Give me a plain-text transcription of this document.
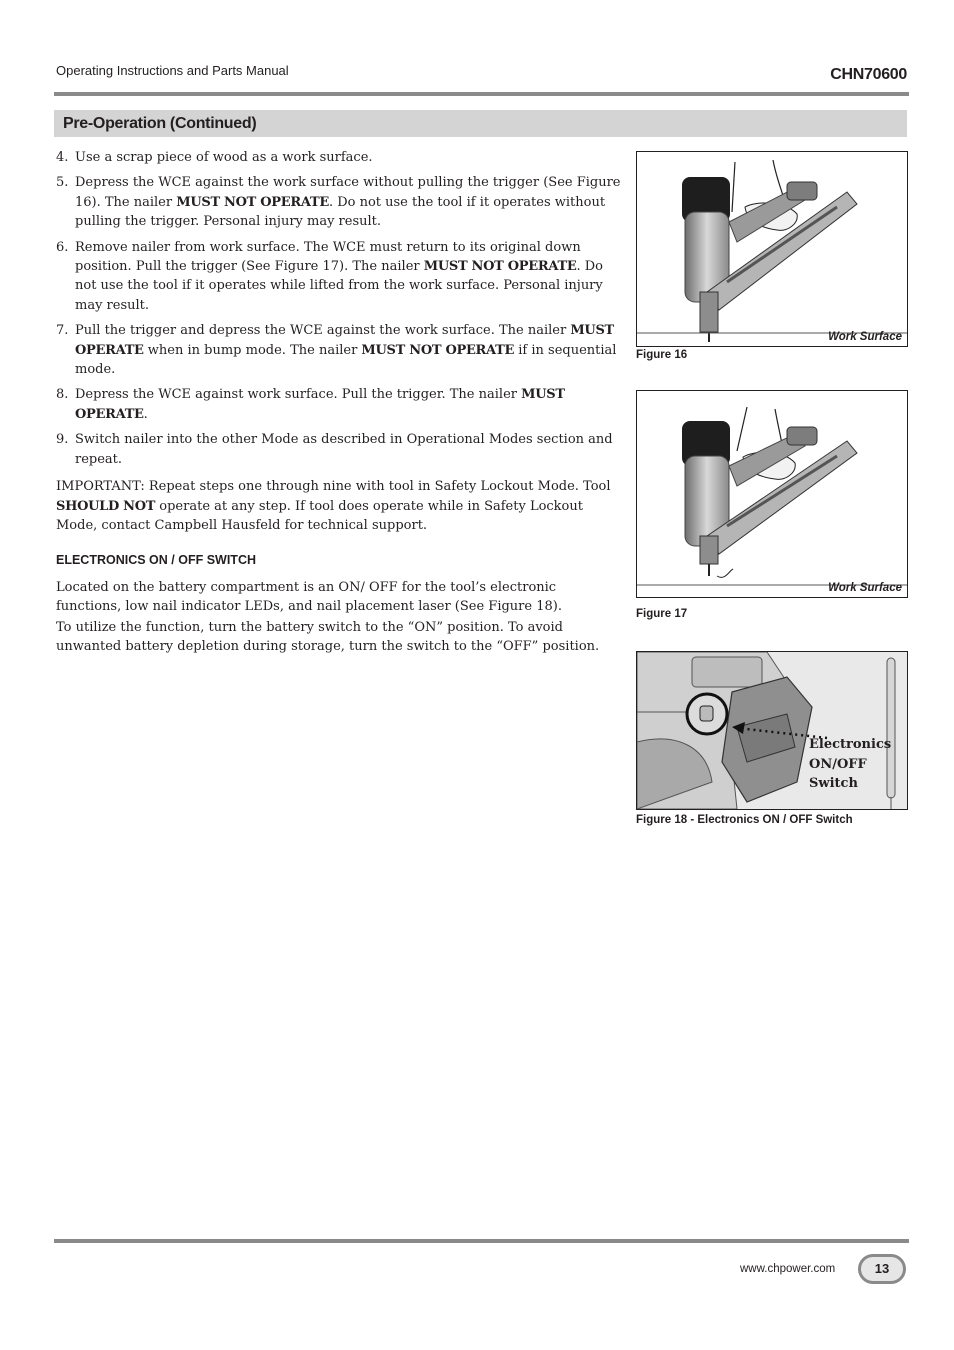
Operating Instructions and Parts Manual	CHN70600
Pre-Operation (Continued)
4. Use a scrap piece of wood as a work surface.
5. Depress the WCE against the work surface without pulling the trigger (See Figure 16). The nailer MUST NOT OPERATE. Do not use the tool if it operates without pulling the trigger. Personal injury may result.
6. Remove nailer from work surface. The WCE must return to its original down position. Pull the trigger (See Figure 17). The nailer MUST NOT OPERATE. Do not use the tool if it operates while lifted from the work surface. Personal injury may result.
7. Pull the trigger and depress the WCE against the work surface. The nailer MUST OPERATE when in bump mode. The nailer MUST NOT OPERATE if in sequential mode.
8. Depress the WCE against work surface. Pull the trigger. The nailer MUST OPERATE.
9. Switch nailer into the other Mode as described in Operational Modes section and repeat.

IMPORTANT: Repeat steps one through nine with tool in Safety Lockout Mode. Tool SHOULD NOT operate at any step. If tool does operate while in Safety Lockout Mode, contact Campbell Hausfeld for technical support.

ELECTRONICS ON / OFF SWITCH

Located on the battery compartment is an ON/ OFF for the tool’s electronic functions, low nail indicator LEDs, and nail placement laser (See Figure 18).

To utilize the function, turn the battery switch to the “ON” position. To avoid unwanted battery depletion during storage, turn the switch to the “OFF” position.

Work Surface
Figure 16
Work Surface
Figure 17
Electronics
ON/OFF
Switch
Figure 18 - Electronics ON / OFF Switch
www.chpower.com	13
